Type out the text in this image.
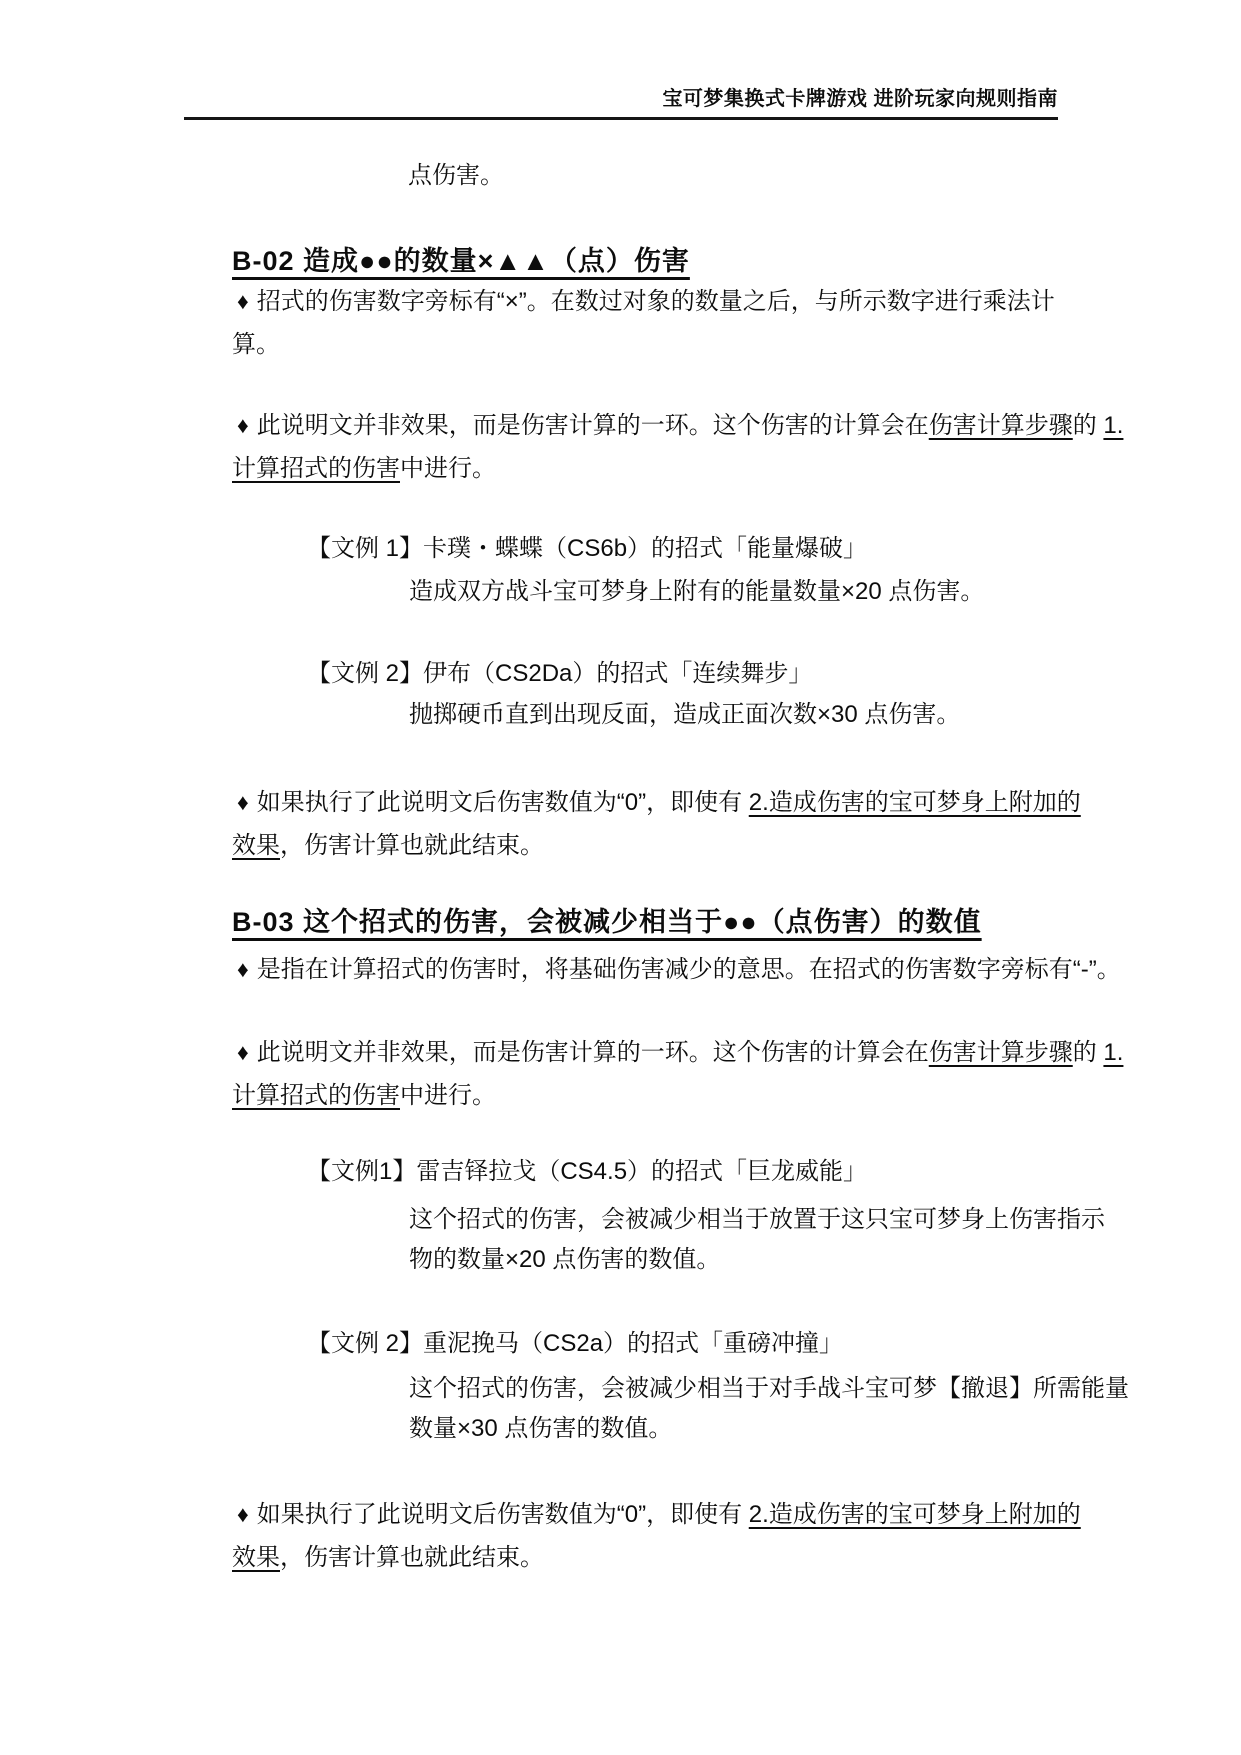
宝可梦集换式卡牌游戏 进阶玩家向规则指南
点伤害。
B-02 造成●●的数量×▲▲（点）伤害
♦ 招式的伤害数字旁标有“×”。在数过对象的数量之后，与所示数字进行乘法计
算。
♦ 此说明文并非效果，而是伤害计算的一环。这个伤害的计算会在伤害计算步骤的 1.
计算招式的伤害中进行。
【文例 1】卡璞・蝶蝶（CS6b）的招式「能量爆破」
造成双方战斗宝可梦身上附有的能量数量×20 点伤害。
【文例 2】伊布（CS2Da）的招式「连续舞步」
抛掷硬币直到出现反面，造成正面次数×30 点伤害。
♦ 如果执行了此说明文后伤害数值为“0”，即使有 2.造成伤害的宝可梦身上附加的
效果，伤害计算也就此结束。
B-03 这个招式的伤害，会被减少相当于●●（点伤害）的数值
♦ 是指在计算招式的伤害时，将基础伤害减少的意思。在招式的伤害数字旁标有“-”。
♦ 此说明文并非效果，而是伤害计算的一环。这个伤害的计算会在伤害计算步骤的 1.
计算招式的伤害中进行。
【文例1】雷吉铎拉戈（CS4.5）的招式「巨龙威能」
这个招式的伤害，会被减少相当于放置于这只宝可梦身上伤害指示
物的数量×20 点伤害的数值。
【文例 2】重泥挽马（CS2a）的招式「重磅冲撞」
这个招式的伤害，会被减少相当于对手战斗宝可梦【撤退】所需能量
数量×30 点伤害的数值。
♦ 如果执行了此说明文后伤害数值为“0”，即使有 2.造成伤害的宝可梦身上附加的
效果，伤害计算也就此结束。
